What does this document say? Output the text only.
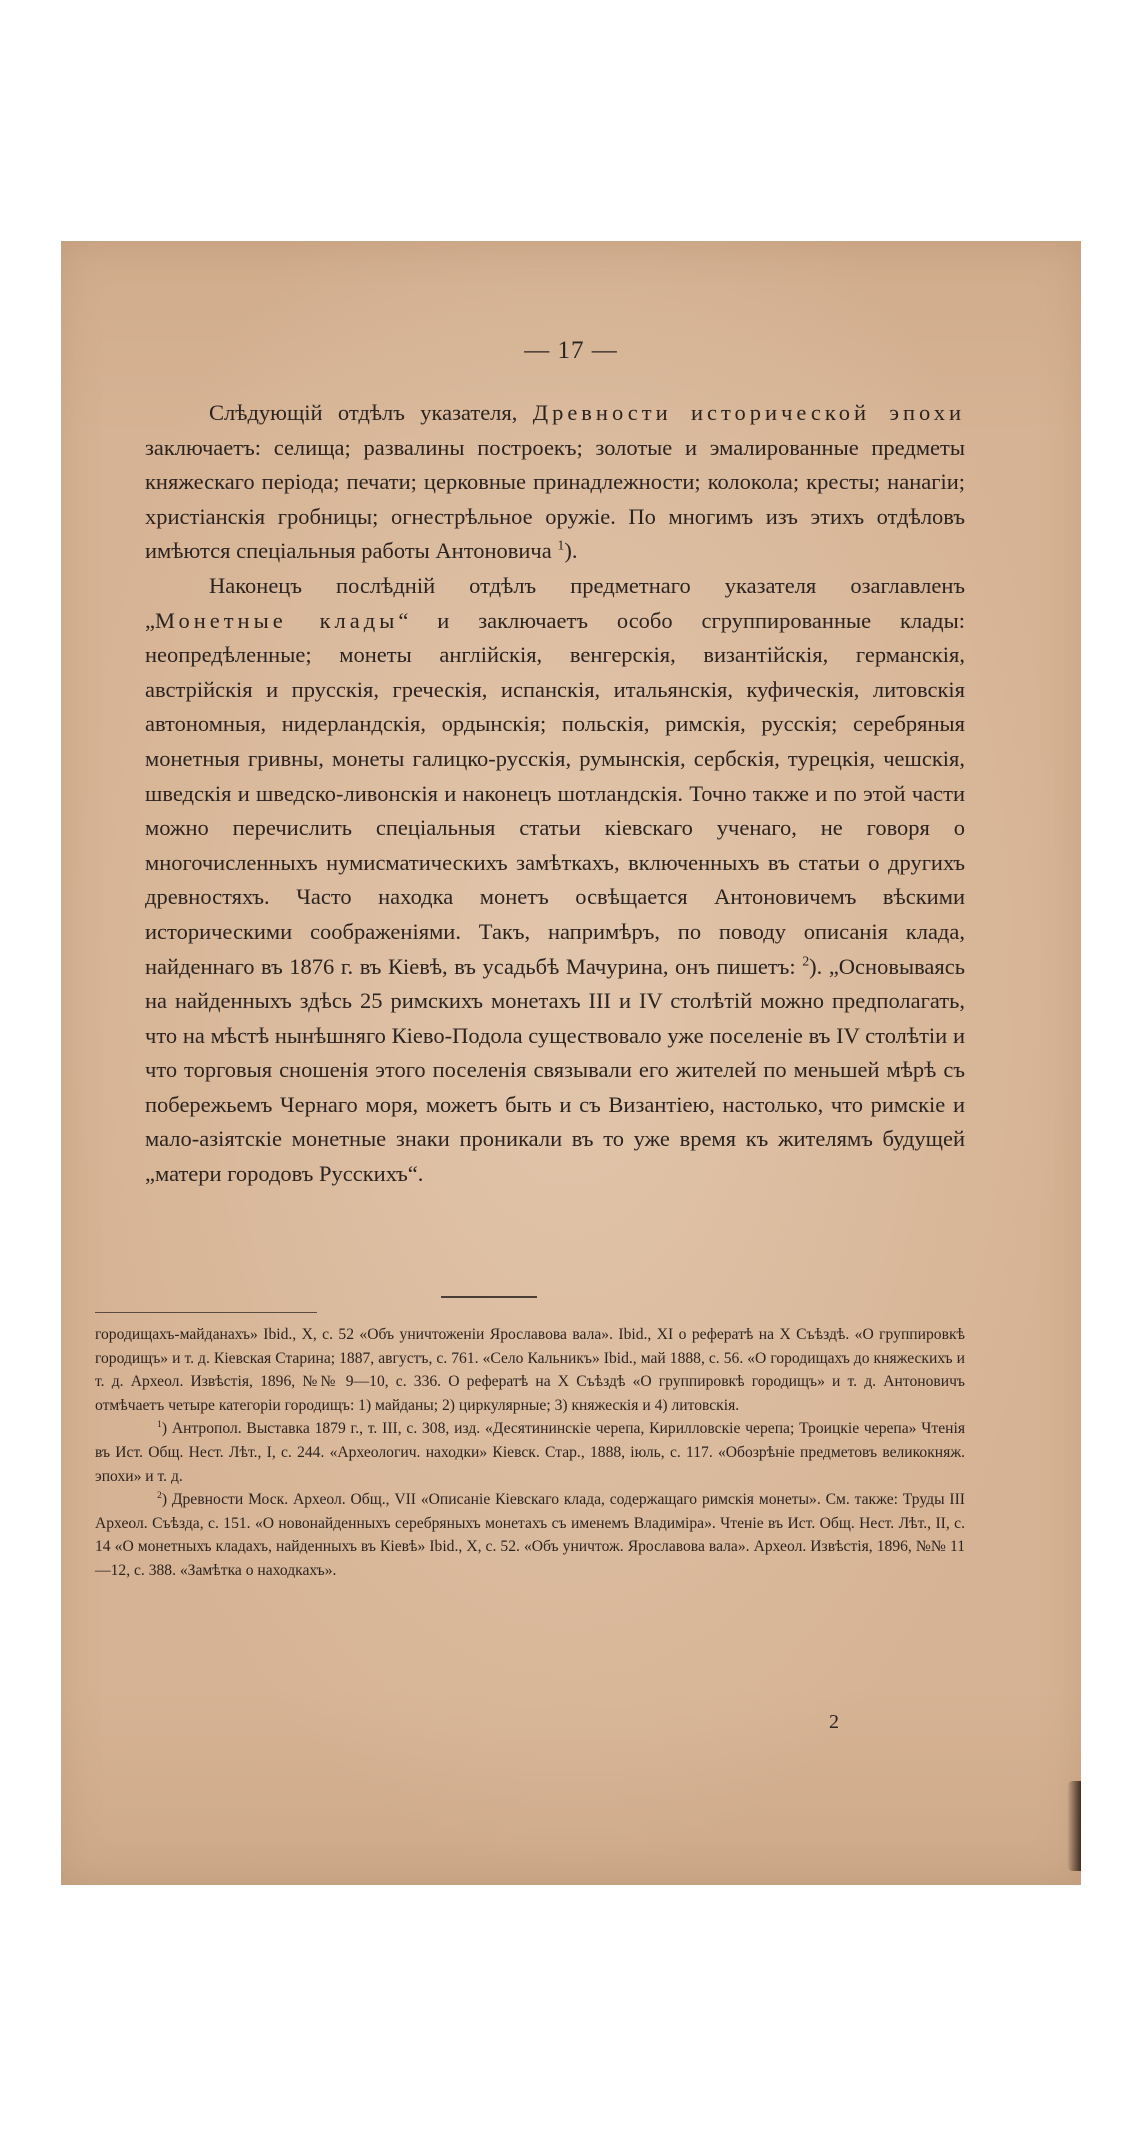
— 17 —

Слѣдующій отдѣлъ указателя, Древности исторической эпохи заключаетъ: селища; развалины построекъ; золотые и эмалированные предметы княжескаго періода; печати; церковные принадлежности; колокола; кресты; нанагіи; христіанскія гробницы; огнестрѣльное оружіе. По многимъ изъ этихъ отдѣловъ имѣются спеціальныя работы Антоновича $^1$).

Наконецъ послѣдній отдѣлъ предметнаго указателя озаглавленъ „Монетные клады“ и заключаетъ особо сгруппированные клады: неопредѣленные; монеты англійскія, венгерскія, византійскія, германскія, австрійскія и прусскія, греческія, испанскія, итальянскія, куфическія, литовскія автономныя, нидерландскія, ордынскія; польскія, римскія, русскія; серебряныя монетныя гривны, монеты галицко-русскія, румынскія, сербскія, турецкія, чешскія, шведскія и шведско-ливонскія и наконецъ шотландскія. Точно также и по этой части можно перечислить спеціальныя статьи кіевскаго ученаго, не говоря о многочисленныхъ нумисматическихъ замѣткахъ, включенныхъ въ статьи о другихъ древностяхъ. Часто находка монетъ освѣщается Антоновичемъ вѣскими историческими соображеніями. Такъ, напримѣръ, по поводу описанія клада, найденнаго въ 1876 г. въ Кіевѣ, въ усадьбѣ Мачурина, онъ пишетъ: $^2$). „Основываясь на найденныхъ здѣсь 25 римскихъ монетахъ III и IV столѣтій можно предполагать, что на мѣстѣ нынѣшняго Кіево-Подола существовало уже поселеніе въ IV столѣтіи и что торговыя сношенія этого поселенія связывали его жителей по меньшей мѣрѣ съ побережьемъ Чернаго моря, можетъ быть и съ Византіею, настолько, что римскіе и мало-азіятскіе монетные знаки проникали въ то уже время къ жителямъ будущей „матери городовъ Русскихъ“.

городищахъ-майданахъ» Ibid., X, с. 52 «Объ уничтоженіи Ярославова вала». Ibid., XI о рефератѣ на X Съѣздѣ. «О группировкѣ городищъ» и т. д. Кіевская Старина; 1887, августъ, с. 761. «Село Кальникъ» Ibid., май 1888, с. 56. «О городищахъ до княжескихъ и т. д. Археол. Извѣстія, 1896, №№ 9—10, с. 336. О рефератѣ на X Съѣздѣ «О группировкѣ городищъ» и т. д. Антоновичъ отмѣчаетъ четыре категоріи городищъ: 1) майданы; 2) циркулярные; 3) княжескія и 4) литовскія.

$^1$) Антропол. Выставка 1879 г., т. III, с. 308, изд. «Десятининскіе черепа, Кирилловскіе черепа; Троицкіе черепа» Чтенія въ Ист. Общ. Нест. Лѣт., I, с. 244. «Археологич. находки» Кіевск. Стар., 1888, іюль, с. 117. «Обозрѣніе предметовъ великокняж. эпохи» и т. д.

$^2$) Древности Моск. Археол. Общ., VII «Описаніе Кіевскаго клада, содержащаго римскія монеты». См. также: Труды III Археол. Съѣзда, с. 151. «О новонайденныхъ серебряныхъ монетахъ съ именемъ Владиміра». Чтеніе въ Ист. Общ. Нест. Лѣт., II, с. 14 «О монетныхъ кладахъ, найденныхъ въ Кіевѣ» Ibid., X, с. 52. «Объ уничтож. Ярославова вала». Археол. Извѣстія, 1896, №№ 11—12, с. 388. «Замѣтка о находкахъ».

2
